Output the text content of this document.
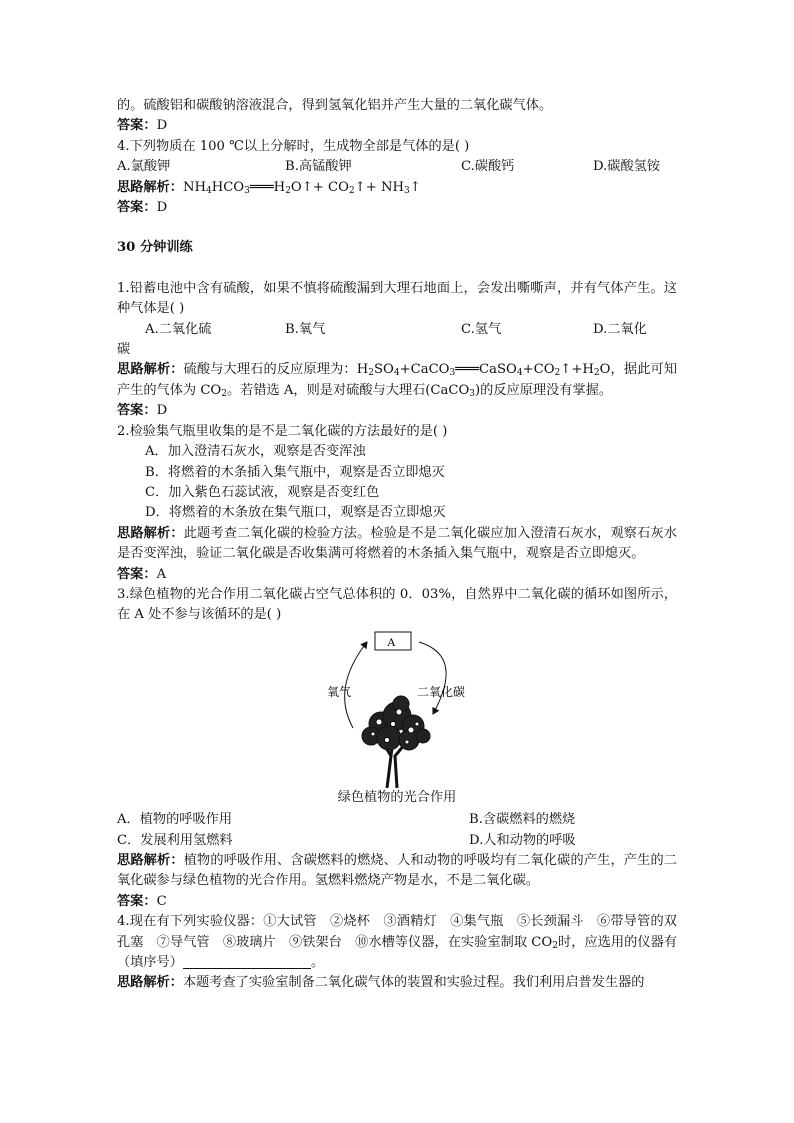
的。硫酸铝和碳酸钠溶液混合，得到氢氧化铝并产生大量的二氧化碳气体。

答案：D

4.下列物质在 100 ℃以上分解时，生成物全部是气体的是( )

A.氯酸钾	B.高锰酸钾	C.碳酸钙	D.碳酸氢铵

思路解析：$NH_4HCO_3═══H_2O↑+$ $CO_2↑+$ $NH_3↑$

答案：D

30 分钟训练

1.铅蓄电池中含有硫酸，如果不慎将硫酸漏到大理石地面上，会发出嘶嘶声，并有气体产生。这种气体是( )

A.二氧化硫	B.氧气	C.氢气	D.二氧化

碳

思路解析：硫酸与大理石的反应原理为：$H_2SO_4+CaCO_3═══CaSO_4+CO_2↑+H_2O$，据此可知产生的气体为 $CO_2$。若错选 A，则是对硫酸与大理石(CaCO$_3$)的反应原理没有掌握。

答案：D

2.检验集气瓶里收集的是不是二氧化碳的方法最好的是( )

A．加入澄清石灰水，观察是否变浑浊

B．将燃着的木条插入集气瓶中，观察是否立即熄灭

C．加入紫色石蕊试液，观察是否变红色

D．将燃着的木条放在集气瓶口，观察是否立即熄灭

思路解析：此题考查二氧化碳的检验方法。检验是不是二氧化碳应加入澄清石灰水，观察石灰水是否变浑浊，验证二氧化碳是否收集满可将燃着的木条插入集气瓶中，观察是否立即熄灭。

答案：A

3.绿色植物的光合作用二氧化碳占空气总体积的 0．03%，自然界中二氧化碳的循环如图所示，在 A 处不参与该循环的是( )

A
氧气	二氧化碳

绿色植物的光合作用

A．植物的呼吸作用	B.含碳燃料的燃烧
C．发展利用氢燃料	D.人和动物的呼吸

思路解析：植物的呼吸作用、含碳燃料的燃烧、人和动物的呼吸均有二氧化碳的产生，产生的二氧化碳参与绿色植物的光合作用。氢燃料燃烧产物是水，不是二氧化碳。

答案：C

4.现在有下列实验仪器：①大试管　②烧杯　③酒精灯　④集气瓶　⑤长颈漏斗　⑥带导管的双孔塞　⑦导气管　⑧玻璃片　⑨铁架台　⑩水槽等仪器，在实验室制取 $CO_2$时，应选用的仪器有（填序号）	。

思路解析：本题考查了实验室制备二氧化碳气体的装置和实验过程。我们利用启普发生器的
